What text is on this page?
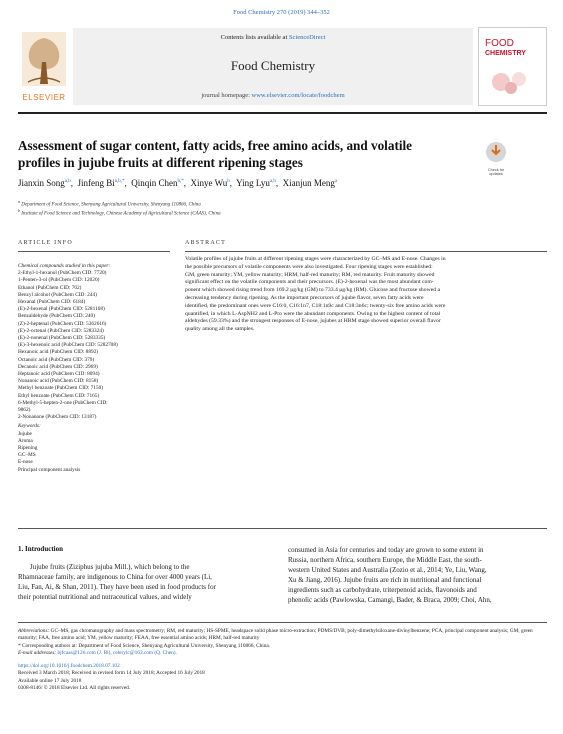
Food Chemistry 270 (2019) 344–352
ELSEVIER
Contents lists available at ScienceDirect
Food Chemistry
journal homepage: www.elsevier.com/locate/foodchem
FOOD
CHEMISTRY
Assessment of sugar content, fatty acids, free amino acids, and volatile
profiles in jujube fruits at different ripening stages	Check for
updates
Jianxin Song$^{a,b}$,  Jinfeng $Bi^{a,b,*}$,  Qinqin Chen$^{b,*}$,  Xinye Wu$^b$,  Ying Lyu$^{a,b}$,  Xianjun Meng$^a$
$^a$ Department of Food Science, Shenyang Agricultural University, Shenyang 110866, China
$^b$ Institute of Food Science and Technology, Chinese Academy of Agricultural Science (CAAS), China
ARTICLE INFO	ABSTRACT
Chemical compounds studied in this paper:
2-Ethyl-1-hexanol (PubChem CID: 7720)
1-Penten-3-ol (PubChem CID: 12020)
Ethanol (PubChem CID: 702)
Benzyl alcohol (PubChem CID: 244)
Hexanal (PubChem CID: 6184)
(E)-2-hexenal (PubChem CID: 5281168)
Benzaldehyde (PubChem CID: 240)
(Z)-2-heptenal (PubChem CID: 5362616)
(E)-2-octenal (PubChem CID: 5283324)
(E)-2-nonenal (PubChem CID: 5283335)
(E)-3-hexenoic acid (PubChem CID: 5282708)
Hexanoic acid (PubChem CID: 8892)
Octanoic acid (PubChem CID: 379)
Decanoic acid (PubChem CID: 2969)
Heptanoic acid (PubChem CID: 8094)
Nonanoic acid (PubChem CID: 8158)
Methyl benzoate (PubChem CID: 7150)
Ethyl benzoate (PubChem CID: 7165)
6-Methyl-5-hepten-2-one (PubChem CID:
9862)
2-Nonanone (PubChem CID: 13187)
Keywords:
Jujube
Aroma
Ripening
GC–MS
E-nose
Principal component analysis
Volatile profiles of jujube fruits at different ripening stages were characterized by GC–MS and E-nose. Changes in
the possible precursors of volatile components were also investigated. Four ripening stages were established:
GM, green maturity; YM, yellow maturity; HRM, half-red maturity; RM, red maturity. Fruit maturity showed
significant effect on the volatile components and their precursors. (E)-2-hexenal was the most abundant com-
ponent which showed rising trend from 169.2 μg/kg (GM) to 733.4 μg/kg (RM). Glucose and fructose showed a
decreasing tendency during ripening. As the important precursors of jujube flavor, seven fatty acids were
identified, the predominant ones were C16:0, C16:1n7, C18:1n9c and C18:3n6c; twenty-six free amino acids were
quantified, in which L-AspNH2 and L-Pro were the abundant components. Owing to the highest content of total
aldehydes (59.33%) and the strongest responses of E-nose, jujubes at HRM stage showed superior overall flavor
quality among all the samples.
1. Introduction
Jujube fruits (Ziziphus jujuba Mill.), which belong to the
Rhamnaceae family, are indigenous to China for over 4000 years (Li,
Liu, Fan, Ai, & Shan, 2011). They have been used in food products for
their potential nutritional and nutraceutical values, and widely
consumed in Asia for centuries and today are grown to some extent in
Russia, northern Africa, southern Europe, the Middle East, the south-
western United States and Australia (Zozio et al., 2014; Ye, Liu, Wang,
Xu & Jiang, 2016). Jujube fruits are rich in nutritional and functional
ingredients such as carbohydrate, triterpenoid acids, flavonoids and
phenolic acids (Pawlowska, Camangi, Bader, & Braca, 2009; Choi, Ahn,
Abbreviations: GC–MS, gas chromatography and mass spectrometry; RM, red maturity; HS-SPME, headspace solid phase micro-extraction; PDMS/DVB, poly-dimethylsiloxane-divinylbenzene; PCA, principal component analysis; GM, green maturity; FAA, free amino acid; YM, yellow maturity; FEAA, free essential amino acids; HRM, half-red maturity
* Corresponding authors at: Department of Food Science, Shenyang Agricultural University, Shenyang 110866, China.
E-mail addresses: bjfcaas@126.com (J. Bi), celerylc@163.com (Q. Chen).
https://doi.org/10.1016/j.foodchem.2018.07.102
Received 3 March 2018; Received in revised form 14 July 2018; Accepted 16 July 2018
Available online 17 July 2018
0308-8146/ © 2018 Elsevier Ltd. All rights reserved.
